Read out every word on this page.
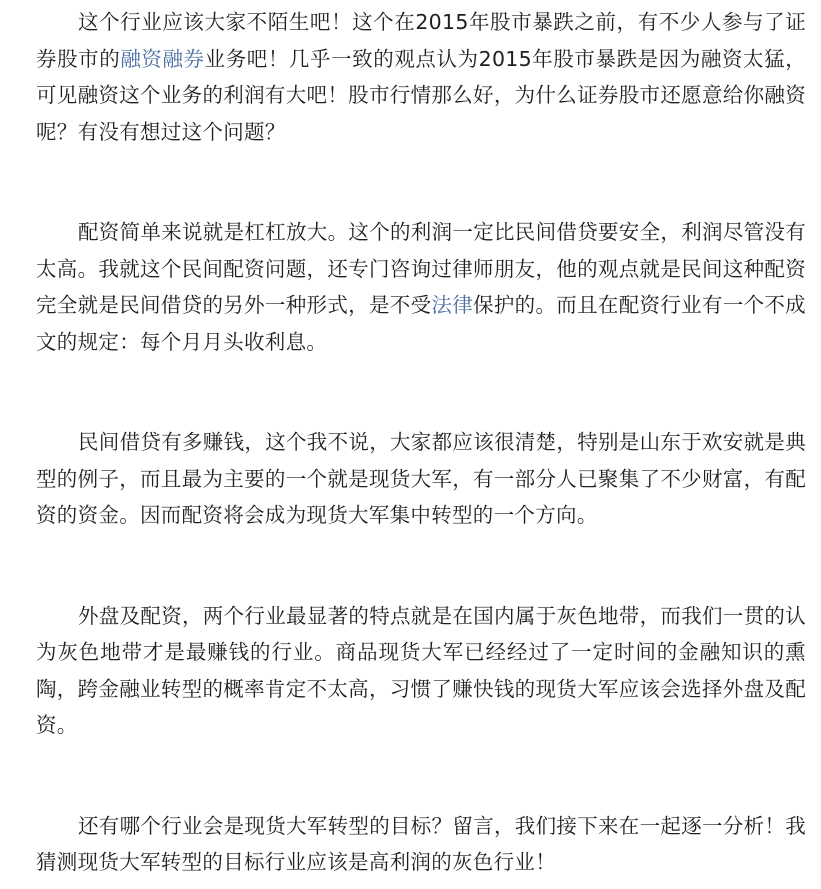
这个行业应该大家不陌生吧！这个在2015年股市暴跌之前，有不少人参与了证券股市的融资融券业务吧！几乎一致的观点认为2015年股市暴跌是因为融资太猛，可见融资这个业务的利润有大吧！股市行情那么好，为什么证券股市还愿意给你融资呢？有没有想过这个问题？

配资简单来说就是杠杠放大。这个的利润一定比民间借贷要安全，利润尽管没有太高。我就这个民间配资问题，还专门咨询过律师朋友，他的观点就是民间这种配资完全就是民间借贷的另外一种形式，是不受法律保护的。而且在配资行业有一个不成文的规定：每个月月头收利息。

民间借贷有多赚钱，这个我不说，大家都应该很清楚，特别是山东于欢安就是典型的例子，而且最为主要的一个就是现货大军，有一部分人已聚集了不少财富，有配资的资金。因而配资将会成为现货大军集中转型的一个方向。

外盘及配资，两个行业最显著的特点就是在国内属于灰色地带，而我们一贯的认为灰色地带才是最赚钱的行业。商品现货大军已经经过了一定时间的金融知识的熏陶，跨金融业转型的概率肯定不太高，习惯了赚快钱的现货大军应该会选择外盘及配资。

还有哪个行业会是现货大军转型的目标？留言，我们接下来在一起逐一分析！我猜测现货大军转型的目标行业应该是高利润的灰色行业！
